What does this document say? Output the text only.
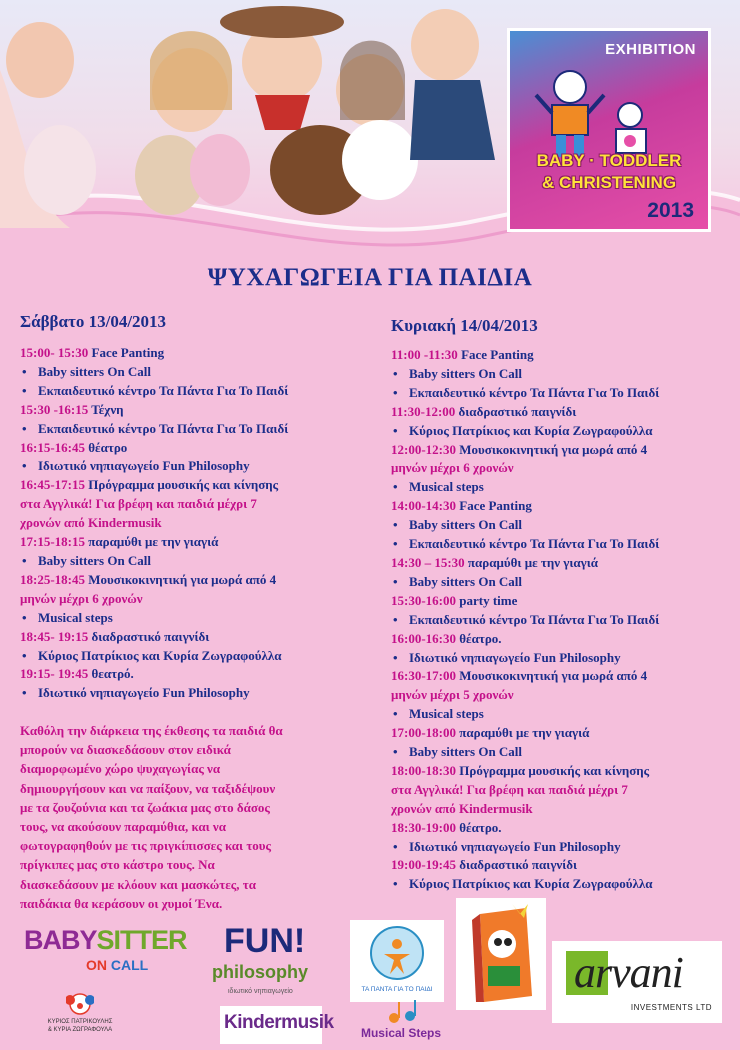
EXHIBITION
BABY · TODDLER
& CHRISTENING
2013
ΨΥΧΑΓΩΓΕΙΑ ΓΙΑ ΠΑΙΔΙΑ
Σάββατο 13/04/2013	Κυριακή 14/04/2013
15:00- 15:30 Face Panting
• Baby sitters On Call
• Εκπαιδευτικό κέντρο Τα Πάντα Για Το Παιδί
15:30 -16:15 Τέχνη
• Εκπαιδευτικό κέντρο Τα Πάντα Για Το Παιδί
16:15-16:45 θέατρο
• Ιδιωτικό νηπιαγωγείο Fun Philosophy
16:45-17:15 Πρόγραμμα μουσικής και κίνησης
στα Αγγλικά! Για βρέφη και παιδιά μέχρι 7
χρονών από Kindermusik
17:15-18:15 παραμύθι με την γιαγιά
• Baby sitters On Call
18:25-18:45 Μουσικοκινητική για μωρά από 4
μηνών μέχρι 6 χρονών
• Musical steps
18:45- 19:15 διαδραστικό παιγνίδι
• Κύριος Πατρίκιος και Κυρία Ζωγραφούλλα
19:15- 19:45 θεατρό.
• Ιδιωτικό νηπιαγωγείο Fun Philosophy
11:00 -11:30 Face Panting
• Baby sitters On Call
• Εκπαιδευτικό κέντρο Τα Πάντα Για Το Παιδί
11:30-12:00 διαδραστικό παιγνίδι
• Κύριος Πατρίκιος και Κυρία Ζωγραφούλλα
12:00-12:30 Μουσικοκινητική για μωρά από 4
μηνών μέχρι 6 χρονών
• Musical steps
14:00-14:30 Face Panting
• Baby sitters On Call
• Εκπαιδευτικό κέντρο Τα Πάντα Για Το Παιδί
14:30 – 15:30 παραμύθι με την γιαγιά
• Baby sitters On Call
15:30-16:00 party time
• Εκπαιδευτικό κέντρο Τα Πάντα Για Το Παιδί
16:00-16:30 θέατρο.
• Ιδιωτικό νηπιαγωγείο Fun Philosophy
16:30-17:00 Μουσικοκινητική για μωρά από 4
μηνών μέχρι 5 χρονών
• Musical steps
17:00-18:00 παραμύθι με την γιαγιά
• Baby sitters On Call
18:00-18:30 Πρόγραμμα μουσικής και κίνησης
στα Αγγλικά! Για βρέφη και παιδιά μέχρι 7
χρονών από Kindermusik
18:30-19:00 θέατρο.
• Ιδιωτικό νηπιαγωγείο Fun Philosophy
19:00-19:45 διαδραστικό παιγνίδι
• Κύριος Πατρίκιος και Κυρία Ζωγραφούλλα
Καθόλη την διάρκεια της έκθεσης τα παιδιά θα
μπορούν να διασκεδάσουν στον ειδικά
διαμορφωμένο χώρο ψυχαγωγίας να
δημιουργήσουν και να παίξουν, να ταξιδέψουν
με τα ζουζούνια και τα ζωάκια μας στο δάσος
τους, να ακούσουν παραμύθια, και να
φωτογραφηθούν με τις πριγκίπισσες και τους
πρίγκιπες μας στο κάστρο τους. Να
διασκεδάσουν με κλόουν και μασκώτες, τα
παιδάκια θα κεράσουν οι χυμοί Ένα.
BABYSITTER
ON CALL
FUN!
philosophy
ιδιωτικό νηπιαγωγείο	ΤΑ ΠΑΝΤΑ ΓΙΑ ΤΟ ΠΑΙΔΙ	arvani
INVESTMENTS LTD
ΚΥΡΙΟΣ ΠΑΤΡΙΚΟΥΛΗΣ
& ΚΥΡΙΑ ΖΩΓΡΑΦΟΥΛΑ	Kindermusik	Musical Steps
